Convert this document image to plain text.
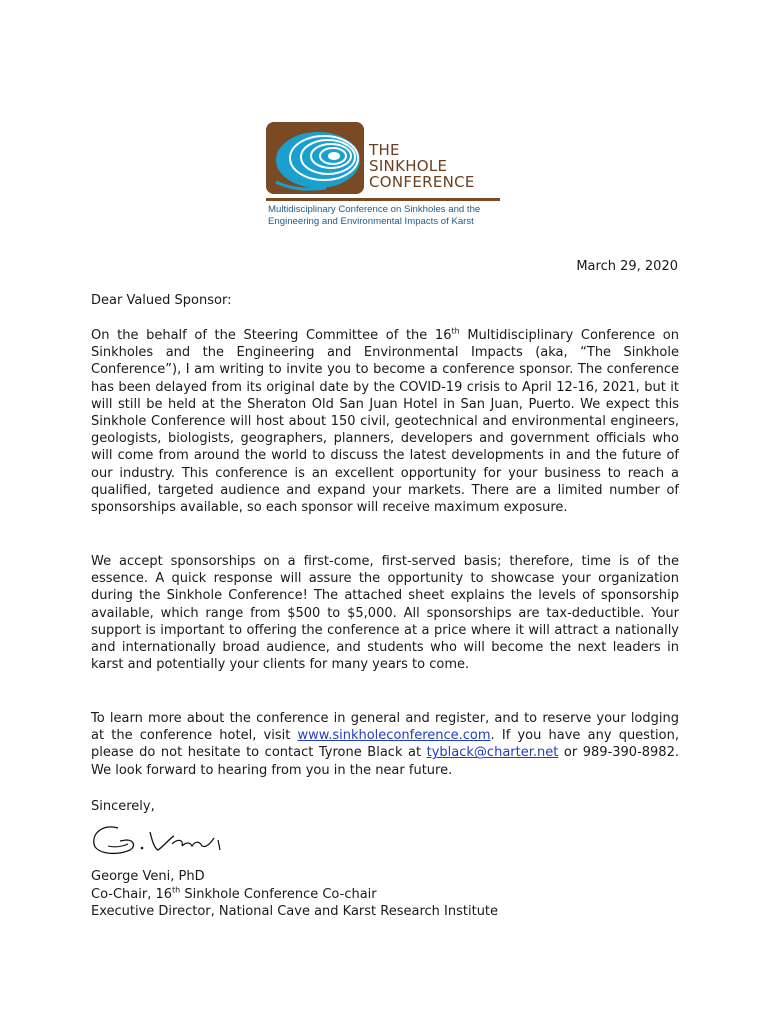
THE
SINKHOLE
CONFERENCE
Multidisciplinary Conference on Sinkholes and the
Engineering and Environmental Impacts of Karst
March 29, 2020
Dear Valued Sponsor:
On the behalf of the Steering Committee of the 16th Multidisciplinary Conference on Sinkholes and the Engineering and Environmental Impacts (aka, “The Sinkhole Conference”), I am writing to invite you to become a conference sponsor. The conference has been delayed from its original date by the COVID-19 crisis to April 12-16, 2021, but it will still be held at the Sheraton Old San Juan Hotel in San Juan, Puerto. We expect this Sinkhole Conference will host about 150 civil, geotechnical and environmental engineers, geologists, biologists, geographers, planners, developers and government officials who will come from around the world to discuss the latest developments in and the future of our industry. This conference is an excellent opportunity for your business to reach a qualified, targeted audience and expand your markets. There are a limited number of sponsorships available, so each sponsor will receive maximum exposure.
We accept sponsorships on a first-come, first-served basis; therefore, time is of the essence. A quick response will assure the opportunity to showcase your organization during the Sinkhole Conference! The attached sheet explains the levels of sponsorship available, which range from $500 to $5,000. All sponsorships are tax-deductible. Your support is important to offering the conference at a price where it will attract a nationally and internationally broad audience, and students who will become the next leaders in karst and potentially your clients for many years to come.
To learn more about the conference in general and register, and to reserve your lodging at the conference hotel, visit www.sinkholeconference.com. If you have any question, please do not hesitate to contact Tyrone Black at tyblack@charter.net or 989-390-8982. We look forward to hearing from you in the near future.
Sincerely,
George Veni, PhD
Co-Chair, 16th Sinkhole Conference Co-chair
Executive Director, National Cave and Karst Research Institute
